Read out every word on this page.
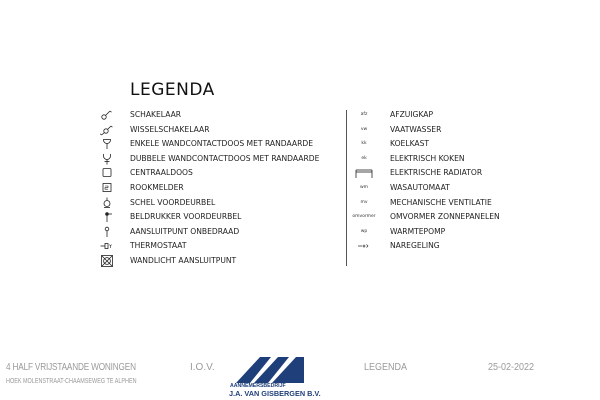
LEGENDA
SCHAKELAAR
WISSELSCHAKELAAR
ENKELE WANDCONTACTDOOS MET RANDAARDE
DUBBELE WANDCONTACTDOOS MET RANDAARDE
CENTRAALDOOS
ROOKMELDER
SCHEL VOORDEURBEL
BELDRUKKER VOORDEURBEL
AANSLUITPUNT ONBEDRAAD
THERMOSTAAT
WANDLICHT AANSLUITPUNT
afz	AFZUIGKAP
vw	VAATWASSER
kk	KOELKAST
ek	ELEKTRISCH KOKEN
ELEKTRISCHE RADIATOR
wm	WASAUTOMAAT
mv	MECHANISCHE VENTILATIE
omvormer OMVORMER ZONNEPANELEN
wp	WARMTEPOMP
NAREGELING
4 HALF VRIJSTAANDE WONINGEN	I.O.V.
HOEK MOLENSTRAAT-CHAAMSEWEG TE ALPHEN
AANNEMERSBEDRIJF
J.A. VAN GISBERGEN B.V.
LEGENDA	25-02-2022
